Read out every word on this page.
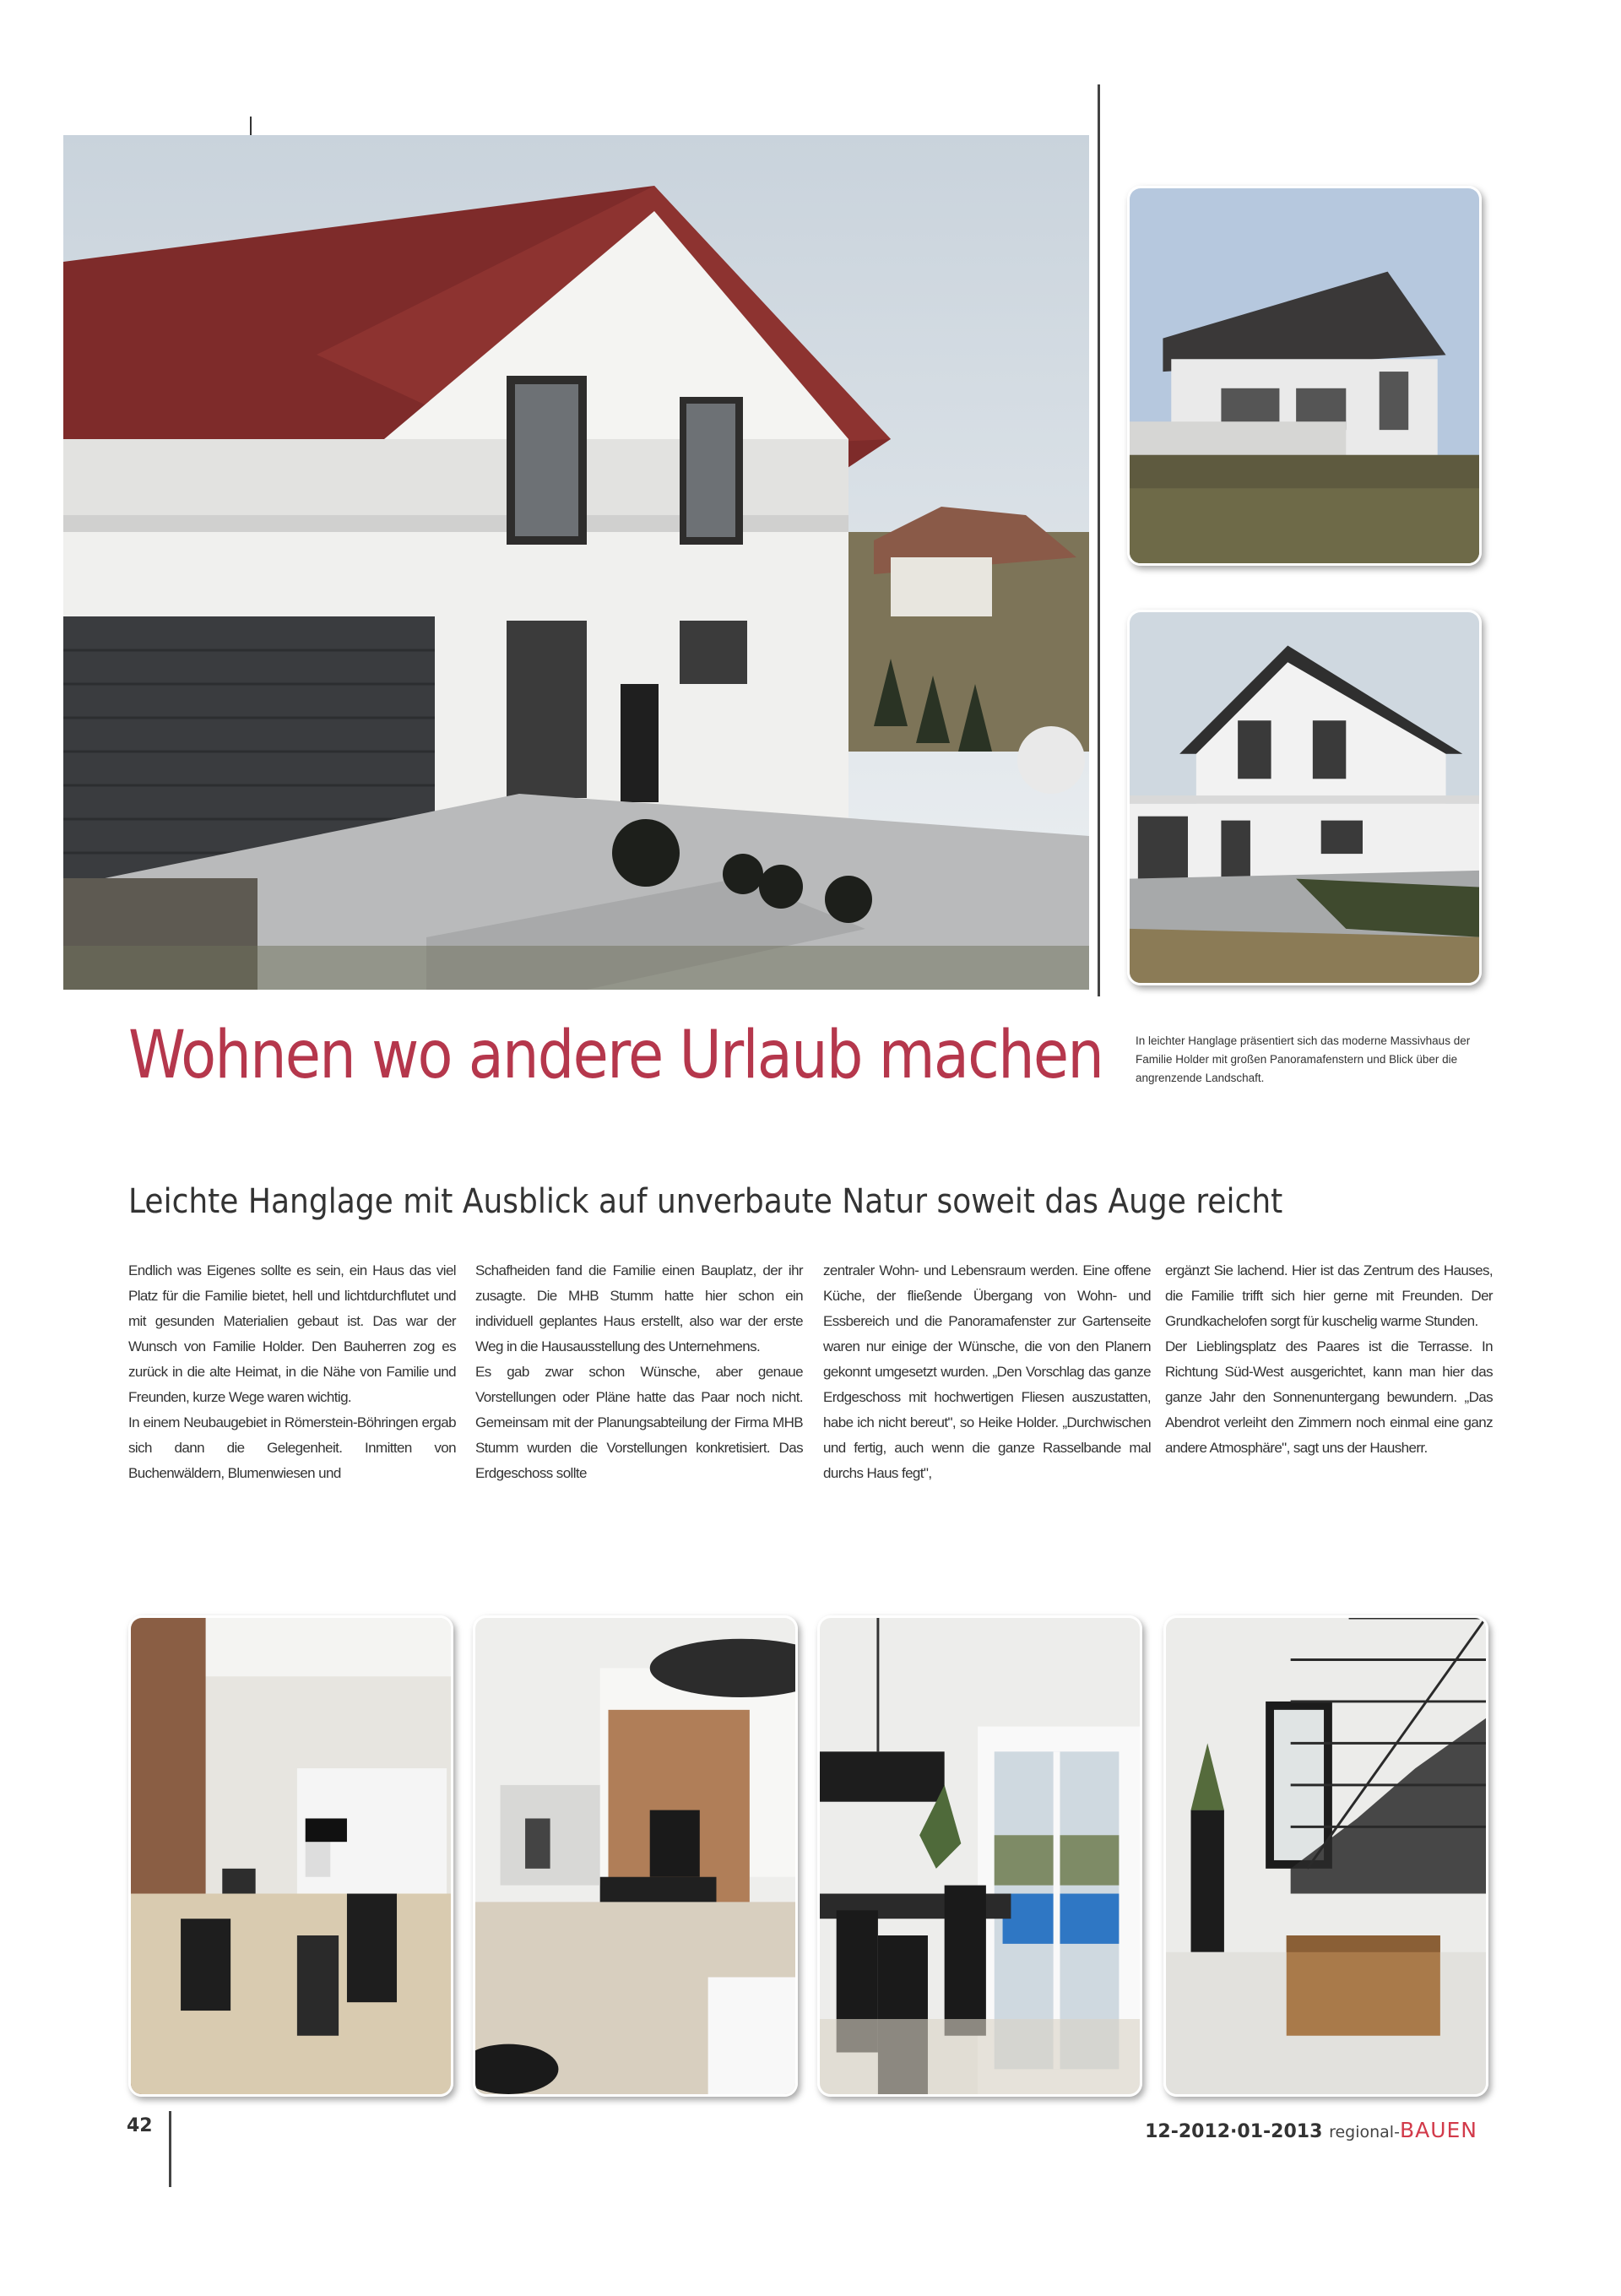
Wohnen wo andere Urlaub machen	In leichter Hanglage präsentiert sich das moderne Massivhaus der Familie Holder mit großen Panoramafenstern und Blick über die angrenzende Landschaft.
Leichte Hanglage mit Ausblick auf unverbaute Natur soweit das Auge reicht

Endlich was Eigenes sollte es sein, ein Haus das viel Platz für die Familie bietet, hell und lichtdurchflutet und mit gesunden Materialien gebaut ist. Das war der Wunsch von Familie Holder. Den Bauherren zog es zurück in die alte Heimat, in die Nähe von Familie und Freunden, kurze Wege waren wichtig.

In einem Neubaugebiet in Römerstein-Böhringen ergab sich dann die Gelegenheit. Inmitten von Buchenwäldern, Blumenwiesen und

Schafheiden fand die Familie einen Bauplatz, der ihr zusagte. Die MHB Stumm hatte hier schon ein individuell geplantes Haus erstellt, also war der erste Weg in die Hausausstellung des Unternehmens.

Es gab zwar schon Wünsche, aber genaue Vorstellungen oder Pläne hatte das Paar noch nicht. Gemeinsam mit der Planungsabteilung der Firma MHB Stumm wurden die Vorstellungen konkretisiert. Das Erdgeschoss sollte

zentraler Wohn- und Lebensraum werden. Eine offene Küche, der fließende Übergang von Wohn- und Essbereich und die Panoramafenster zur Gartenseite waren nur einige der Wünsche, die von den Planern gekonnt umgesetzt wurden. „Den Vorschlag das ganze Erdgeschoss mit hochwertigen Fliesen auszustatten, habe ich nicht bereut", so Heike Holder. „Durchwischen und fertig, auch wenn die ganze Rasselbande mal durchs Haus fegt",

ergänzt Sie lachend. Hier ist das Zentrum des Hauses, die Familie trifft sich hier gerne mit Freunden. Der Grundkachelofen sorgt für kuschelig warme Stunden.

Der Lieblingsplatz des Paares ist die Terrasse. In Richtung Süd-West ausgerichtet, kann man hier das ganze Jahr den Sonnenuntergang bewundern. „Das Abendrot verleiht den Zimmern noch einmal eine ganz andere Atmosphäre", sagt uns der Hausherr.

42	12-2012·01-2013 regional-BAUEN
